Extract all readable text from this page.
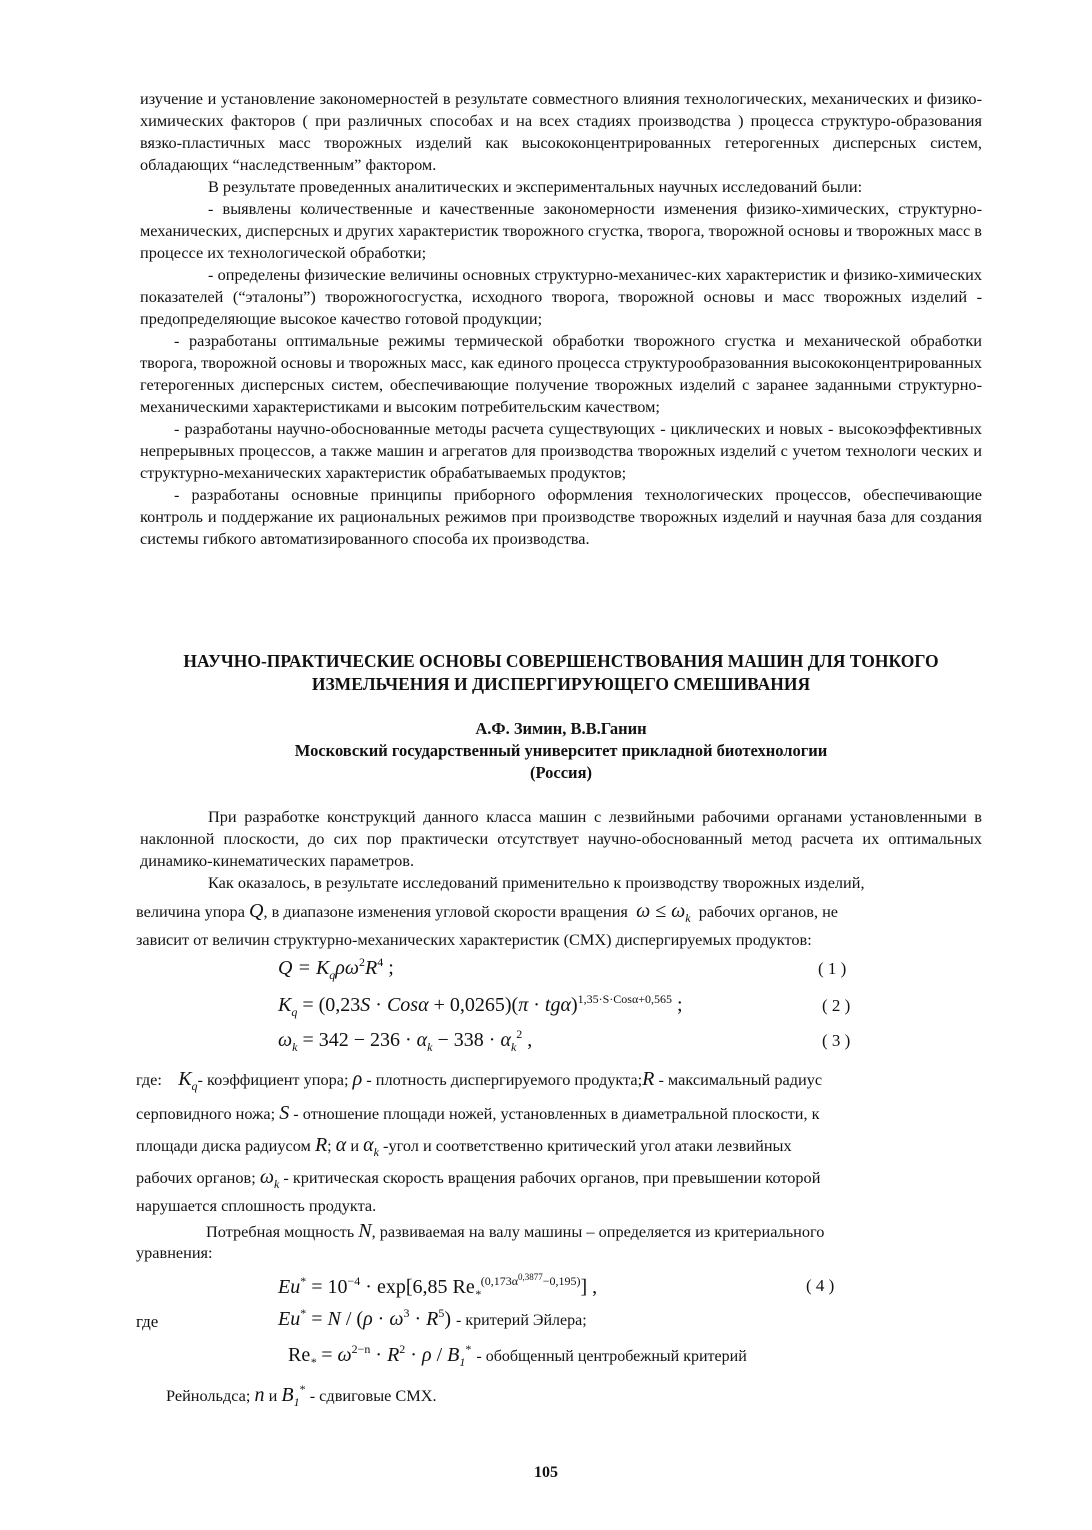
изучение и установление закономерностей в результате совместного влияния технологических, механических и физико-химических факторов ( при различных способах и на всех стадиях производства ) процесса структуро-образования вязко-пластичных масс творожных изделий как высококонцентрированных гетерогенных дисперсных систем, обладающих “наследственным” фактором.

В результате проведенных аналитических и экспериментальных научных исследований были:

- выявлены количественные и качественные закономерности изменения физико-химических, структурно-механических, дисперсных и других характеристик творожного сгустка, творога, творожной основы и творожных масс в процессе их технологической обработки;

- определены физические величины основных структурно-механичес-ких характеристик и физико-химических показателей (“эталоны”) творожногосгустка, исходного творога, творожной основы и масс творожных изделий - предопределяющие высокое качество готовой продукции;

- разработаны оптимальные режимы термической обработки творожного сгустка и механической обработки творога, творожной основы и творожных масс, как единого процесса структурообразованния высококонцентрированных гетерогенных дисперсных систем, обеспечивающие получение творожных изделий с заранее заданными структурно-механическими характеристиками и высоким потребительским качеством;

- разработаны научно-обоснованные методы расчета существующих - циклических и новых - высокоэффективных непрерывных процессов, а также машин и агрегатов для производства творожных изделий с учетом технологи ческих и структурно-механических характеристик обрабатываемых продуктов;

- разработаны основные принципы приборного оформления технологических процессов, обеспечивающие контроль и поддержание их рациональных режимов при производстве творожных изделий и научная база для создания системы гибкого автоматизированного способа их производства.

НАУЧНО-ПРАКТИЧЕСКИЕ ОСНОВЫ СОВЕРШЕНСТВОВАНИЯ МАШИН ДЛЯ ТОНКОГО
ИЗМЕЛЬЧЕНИЯ И ДИСПЕРГИРУЮЩЕГО СМЕШИВАНИЯ
А.Ф. Зимин, В.В.Ганин
Московский государственный университет прикладной биотехнологии
(Россия)

При разработке конструкций данного класса машин с лезвийными рабочими органами установленными в наклонной плоскости, до сих пор практически отсутствует научно-обоснованный метод расчета их оптимальных динамико-кинематических параметров.

Как оказалось, в результате исследований применительно к производству творожных изделий,

величина упора Q, в диапазоне изменения угловой скорости вращения $\omega \le \omega_k$ рабочих органов, не
зависит от величин структурно-механических характеристик (СМХ) диспергируемых продуктов:
$Q = K_q\rho\omega^2R^4$ ;	( 1 )
$K_q = (0,23S \cdot Cos\alpha + 0,0265)(\pi \cdot tg\alpha)^{1,35\cdot S\cdot Cos\alpha+0,565}$ ;	( 2 )
$\omega_k = 342 - 236 \cdot \alpha_k - 338 \cdot \alpha_k^2$ ,	( 3 )
где: $K_q-$ коэффициент упора; ρ - плотность диспергируемого продукта;R - максимальный радиус
серповидного ножа; S - отношение площади ножей, установленных в диаметральной плоскости, к
площади диска радиусом R; α и $\alpha_k$ -угол и соответственно критический угол атаки лезвийных
рабочих органов; $\omega_k$ - критическая скорость вращения рабочих органов, при превышении которой
нарушается сплошность продукта.
Потребная мощность N, развиваемая на валу машины – определяется из критериального
уравнения:
$Eu^* = 10^{-4} \cdot \exp[6,85$ $Re_*^{(0,173\alpha^{0,3877}-0,195)}$] ,	( 4 )
где	$Eu^* = N / (\rho \cdot \omega^3 \cdot R^5)$ - критерий Эйлера;
$Re_* = \omega^{2-n} \cdot R^2 \cdot \rho / B_1^*$ - обобщенный центробежный критерий
Рейнольдса; n и $B_1^*$ - сдвиговые СМХ.
105
